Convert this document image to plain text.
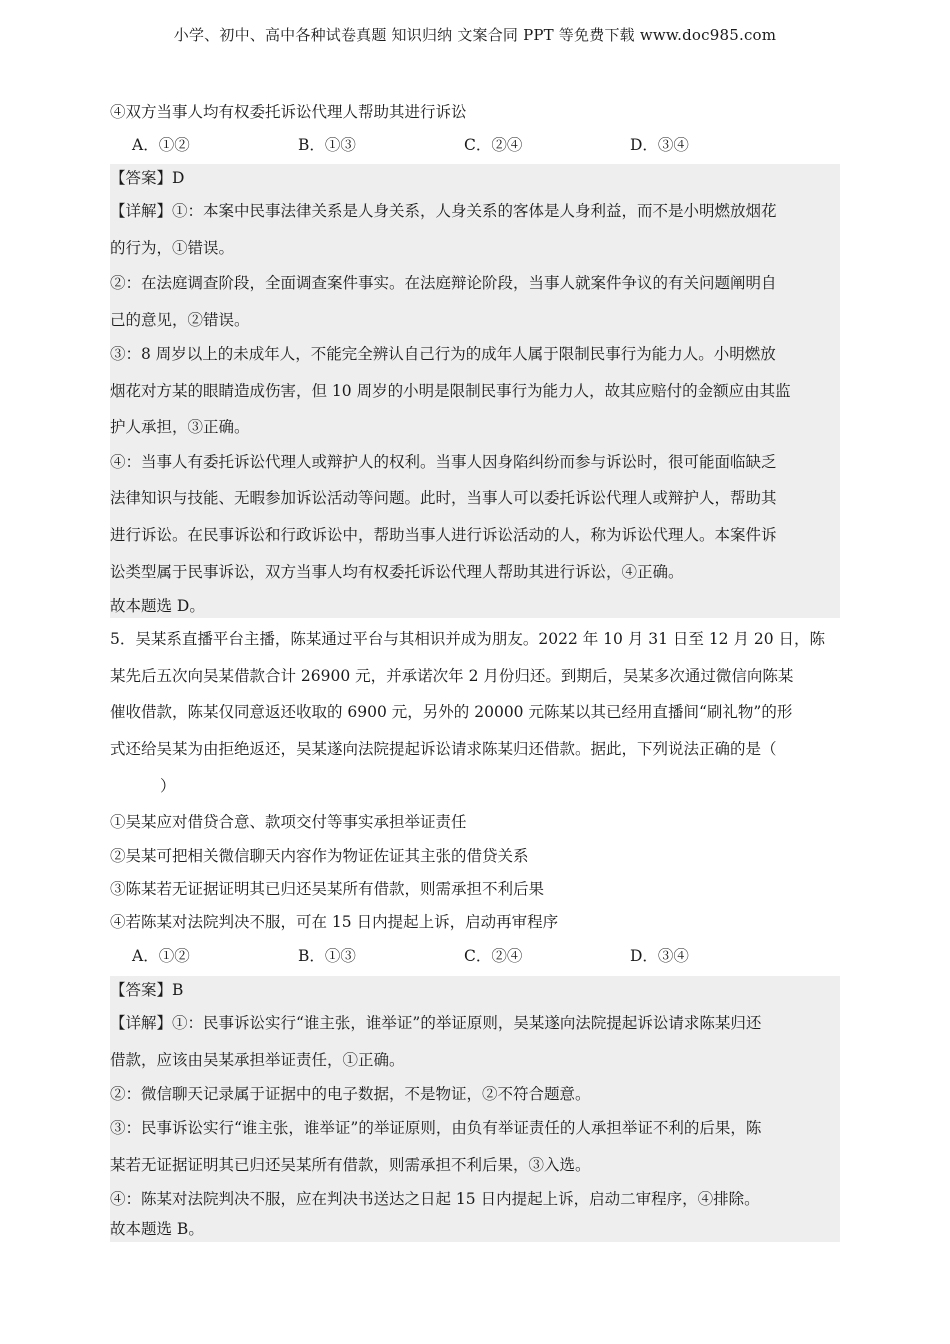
小学、初中、高中各种试卷真题 知识归纳 文案合同 PPT 等免费下载 www.doc985.com
④双方当事人均有权委托诉讼代理人帮助其进行诉讼
A．①②	B．①③	C．②④	D．③④
【答案】D
【详解】①：本案中民事法律关系是人身关系，人身关系的客体是人身利益，而不是小明燃放烟花
的行为，①错误。
②：在法庭调查阶段，全面调查案件事实。在法庭辩论阶段，当事人就案件争议的有关问题阐明自
己的意见，②错误。
③：8 周岁以上的未成年人，不能完全辨认自己行为的成年人属于限制民事行为能力人。小明燃放
烟花对方某的眼睛造成伤害，但 10 周岁的小明是限制民事行为能力人，故其应赔付的金额应由其监
护人承担，③正确。
④：当事人有委托诉讼代理人或辩护人的权利。当事人因身陷纠纷而参与诉讼时，很可能面临缺乏
法律知识与技能、无暇参加诉讼活动等问题。此时，当事人可以委托诉讼代理人或辩护人，帮助其
进行诉讼。在民事诉讼和行政诉讼中，帮助当事人进行诉讼活动的人，称为诉讼代理人。本案件诉
讼类型属于民事诉讼，双方当事人均有权委托诉讼代理人帮助其进行诉讼，④正确。
故本题选 D。
5．吴某系直播平台主播，陈某通过平台与其相识并成为朋友。2022 年 10 月 31 日至 12 月 20 日，陈
某先后五次向吴某借款合计 26900 元，并承诺次年 2 月份归还。到期后，吴某多次通过微信向陈某
催收借款，陈某仅同意返还收取的 6900 元，另外的 20000 元陈某以其已经用直播间“刷礼物”的形
式还给吴某为由拒绝返还，吴某遂向法院提起诉讼请求陈某归还借款。据此，下列说法正确的是（
）
①吴某应对借贷合意、款项交付等事实承担举证责任
②吴某可把相关微信聊天内容作为物证佐证其主张的借贷关系
③陈某若无证据证明其已归还吴某所有借款，则需承担不利后果
④若陈某对法院判决不服，可在 15 日内提起上诉，启动再审程序
A．①②	B．①③	C．②④	D．③④
【答案】B
【详解】①：民事诉讼实行“谁主张，谁举证”的举证原则，吴某遂向法院提起诉讼请求陈某归还
借款，应该由吴某承担举证责任，①正确。
②：微信聊天记录属于证据中的电子数据，不是物证，②不符合题意。
③：民事诉讼实行“谁主张，谁举证”的举证原则，由负有举证责任的人承担举证不利的后果，陈
某若无证据证明其已归还吴某所有借款，则需承担不利后果，③入选。
④：陈某对法院判决不服，应在判决书送达之日起 15 日内提起上诉，启动二审程序，④排除。
故本题选 B。
